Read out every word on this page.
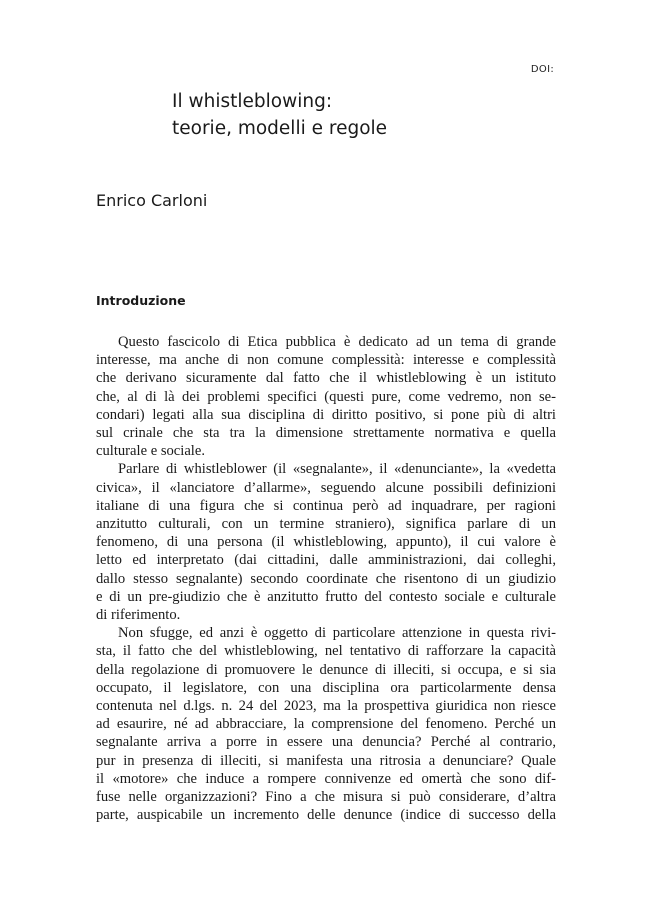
DOI:
Il whistleblowing:
teorie, modelli e regole
Enrico Carloni
Introduzione
Questo fascicolo di Etica pubblica è dedicato ad un tema di grande
interesse, ma anche di non comune complessità: interesse e complessità
che derivano sicuramente dal fatto che il whistleblowing è un istituto
che, al di là dei problemi specifici (questi pure, come vedremo, non se-
condari) legati alla sua disciplina di diritto positivo, si pone più di altri
sul crinale che sta tra la dimensione strettamente normativa e quella
culturale e sociale.
Parlare di whistleblower (il «segnalante», il «denunciante», la «vedetta
civica», il «lanciatore d’allarme», seguendo alcune possibili definizioni
italiane di una figura che si continua però ad inquadrare, per ragioni
anzitutto culturali, con un termine straniero), significa parlare di un
fenomeno, di una persona (il whistleblowing, appunto), il cui valore è
letto ed interpretato (dai cittadini, dalle amministrazioni, dai colleghi,
dallo stesso segnalante) secondo coordinate che risentono di un giudizio
e di un pre-giudizio che è anzitutto frutto del contesto sociale e culturale
di riferimento.
Non sfugge, ed anzi è oggetto di particolare attenzione in questa rivi-
sta, il fatto che del whistleblowing, nel tentativo di rafforzare la capacità
della regolazione di promuovere le denunce di illeciti, si occupa, e si sia
occupato, il legislatore, con una disciplina ora particolarmente densa
contenuta nel d.lgs. n. 24 del 2023, ma la prospettiva giuridica non riesce
ad esaurire, né ad abbracciare, la comprensione del fenomeno. Perché un
segnalante arriva a porre in essere una denuncia? Perché al contrario,
pur in presenza di illeciti, si manifesta una ritrosia a denunciare? Quale
il «motore» che induce a rompere connivenze ed omertà che sono dif-
fuse nelle organizzazioni? Fino a che misura si può considerare, d’altra
parte, auspicabile un incremento delle denunce (indice di successo della
